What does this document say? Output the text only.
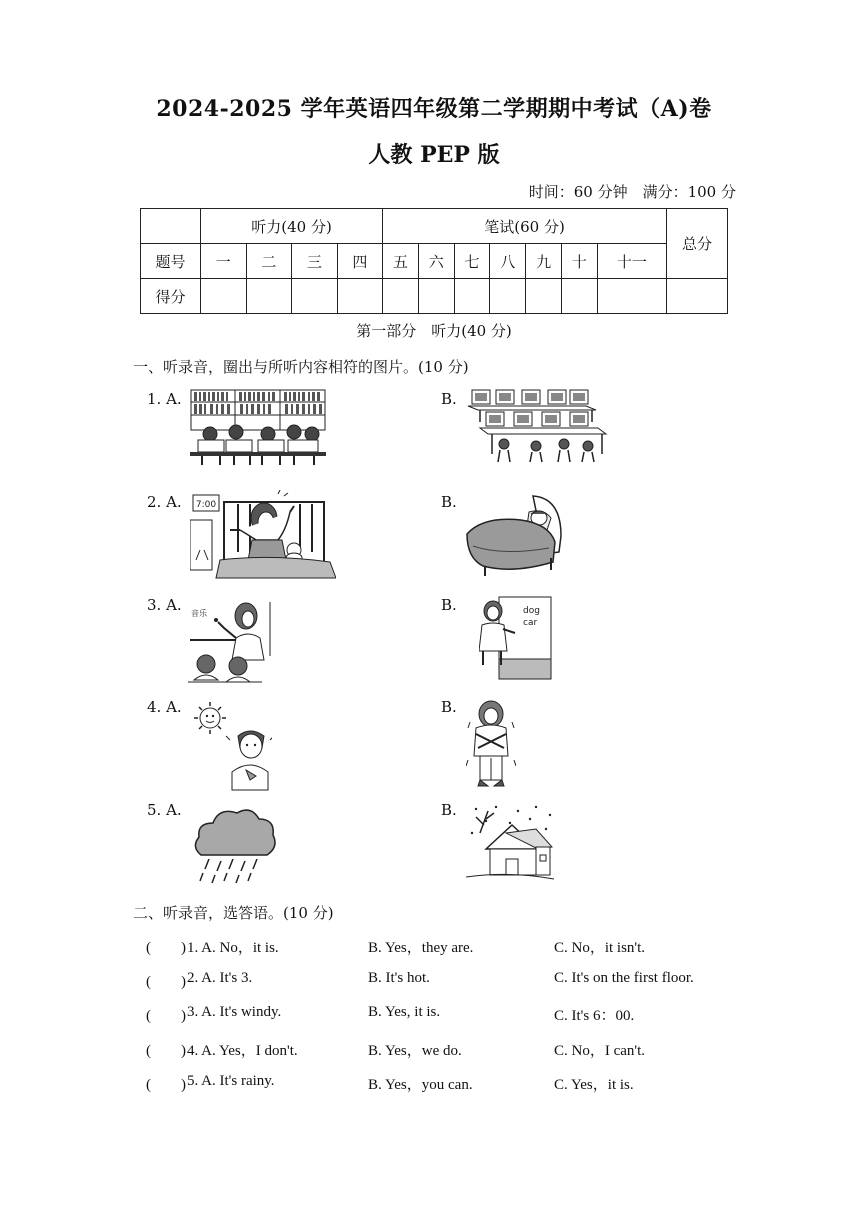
2024-2025 学年英语四年级第二学期期中考试（A)卷
人教 PEP 版
时间：60 分钟　满分：100 分
	听力(40 分)				笔试(60 分)							总分
题号	一	二	三	四	五	六	七	八	九	十	十一	
得分												
第一部分　听力(40 分)
一、听录音，圈出与所听内容相符的图片。(10 分)
1. A.	B.
2. A. 7:00	B.
3. A. 音乐	B.	dog
car
4. A.	B.
5. A.	B.
二、听录音，选答语。(10 分)
(　　) 1. A. No，it is.	B. Yes，they are.	C. No，it isn't.
(　　) 2. A. It's 3.	B. It's hot.	C. It's on the first floor.
(　　) 3. A. It's windy.	B. Yes, it is.	C. It's 6：00.
(　　) 4. A. Yes，I don't.	B. Yes，we do.	C. No，I can't.
(　　) 5. A. It's rainy.	B. Yes，you can.	C. Yes，it is.
